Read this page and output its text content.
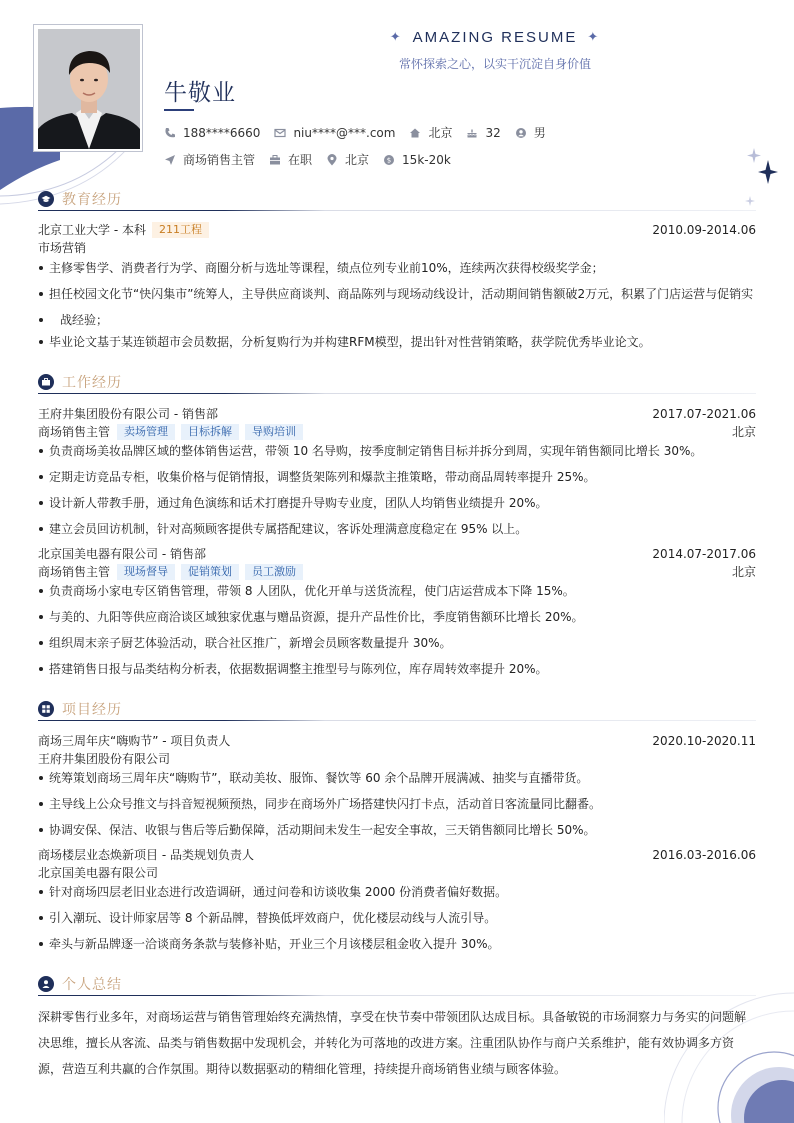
✦ AMAZING RESUME ✦
常怀探索之心，以实干沉淀自身价值
牛敬业
188****6660	niu****@***.com	北京	32	男
商场销售主管	在职	北京	$ 15k-20k
教育经历
北京工业大学 - 本科	211工程	2010.09-2014.06
市场营销
主修零售学、消费者行为学、商圈分析与选址等课程，绩点位列专业前10%，连续两次获得校级奖学金；
担任校园文化节“快闪集市”统筹人，主导供应商谈判、商品陈列与现场动线设计，活动期间销售额破2万元，积累了门店运营与促销实
战经验；
毕业论文基于某连锁超市会员数据，分析复购行为并构建RFM模型，提出针对性营销策略，获学院优秀毕业论文。
工作经历
王府井集团股份有限公司 - 销售部	2017.07-2021.06
商场销售主管	卖场管理	目标拆解	导购培训	北京
负责商场美妆品牌区域的整体销售运营，带领 10 名导购，按季度制定销售目标并拆分到周，实现年销售额同比增长 30%。
定期走访竞品专柜，收集价格与促销情报，调整货架陈列和爆款主推策略，带动商品周转率提升 25%。
设计新人带教手册，通过角色演练和话术打磨提升导购专业度，团队人均销售业绩提升 20%。
建立会员回访机制，针对高频顾客提供专属搭配建议，客诉处理满意度稳定在 95% 以上。
北京国美电器有限公司 - 销售部	2014.07-2017.06
商场销售主管	现场督导	促销策划	员工激励	北京
负责商场小家电专区销售管理，带领 8 人团队，优化开单与送货流程，使门店运营成本下降 15%。
与美的、九阳等供应商洽谈区域独家优惠与赠品资源，提升产品性价比，季度销售额环比增长 20%。
组织周末亲子厨艺体验活动，联合社区推广，新增会员顾客数量提升 30%。
搭建销售日报与品类结构分析表，依据数据调整主推型号与陈列位，库存周转效率提升 20%。
项目经历
商场三周年庆“嗨购节” - 项目负责人	2020.10-2020.11
王府井集团股份有限公司
统筹策划商场三周年庆“嗨购节”，联动美妆、服饰、餐饮等 60 余个品牌开展满减、抽奖与直播带货。
主导线上公众号推文与抖音短视频预热，同步在商场外广场搭建快闪打卡点，活动首日客流量同比翻番。
协调安保、保洁、收银与售后等后勤保障，活动期间未发生一起安全事故，三天销售额同比增长 50%。
商场楼层业态焕新项目 - 品类规划负责人	2016.03-2016.06
北京国美电器有限公司
针对商场四层老旧业态进行改造调研，通过问卷和访谈收集 2000 份消费者偏好数据。
引入潮玩、设计师家居等 8 个新品牌，替换低坪效商户，优化楼层动线与人流引导。
牵头与新品牌逐一洽谈商务条款与装修补贴，开业三个月该楼层租金收入提升 30%。
个人总结
深耕零售行业多年，对商场运营与销售管理始终充满热情，享受在快节奏中带领团队达成目标。具备敏锐的市场洞察力与务实的问题解决思维，擅长从客流、品类与销售数据中发现机会，并转化为可落地的改进方案。注重团队协作与商户关系维护，能有效协调多方资源，营造互利共赢的合作氛围。期待以数据驱动的精细化管理，持续提升商场销售业绩与顾客体验。
